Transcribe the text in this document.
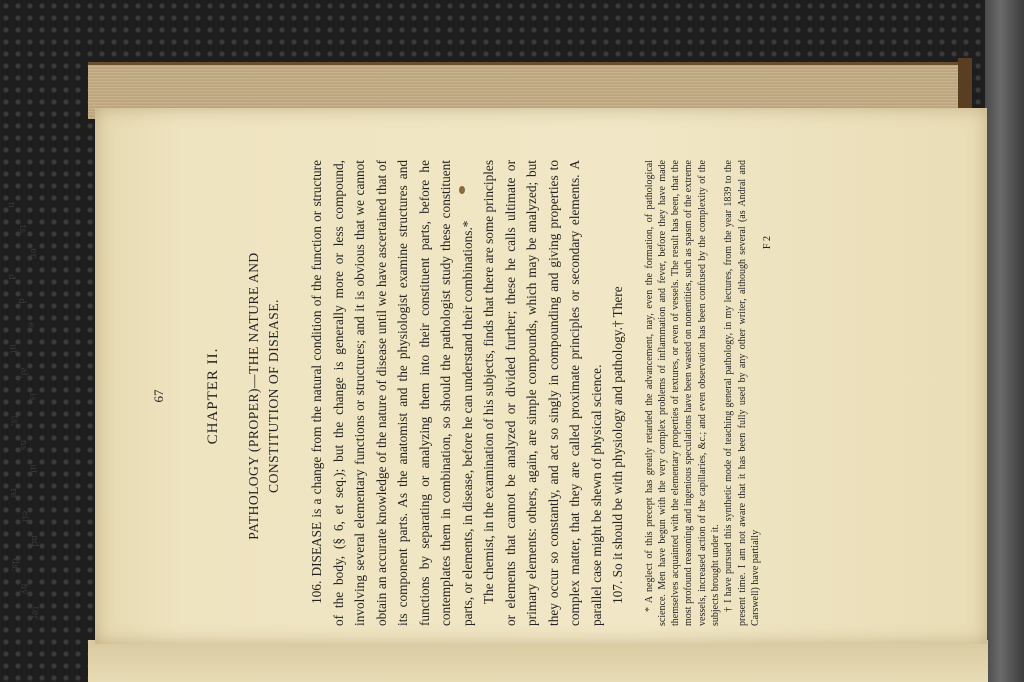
67	CHAPTER II. PATHOLOGY (PROPER)—THE NATURE AND CONSTITUTION OF DISEASE. 106. DISEASE is a change from the natural condition of the function or structure of the body, (§ 6, et seq.); but the change is generally more or less compound, involving several elementary functions or structures; and it is obvious that we cannot obtain an accurate knowledge of the nature of disease until we have ascertained that of its component parts. As the anatomist and the physiologist examine structures and functions by separating or analyzing them into their constituent parts, before he contemplates them in combination, so should the pathologist study these constituent parts, or elements, in disease, before he can understand their combinations.* The chemist, in the examination of his subjects, finds that there are some principles or elements that cannot be analyzed or divided further; these he calls ultimate or primary elements: others, again, are simple compounds, which may be analyzed; but they occur so constantly, and act so singly in compounding and giving properties to complex matter, that they are called proximate principles or secondary elements. A parallel case might be shewn of physical science. 107. So it should be with physiology and pathology.† There	* A neglect of this precept has greatly retarded the advancement, nay, even the formation, of pathological science. Men have begun with the very complex problems of inflammation and fever, before they have made themselves acquainted with the elementary properties of textures, or even of vessels. The result has been, that the most profound reasoning and ingenious speculations have been wasted on nonentities, such as spasm of the extreme vessels, increased action of the capillaries, &c.; and even observation has been confused by the complexity of the subjects brought under it. † I have pursued this synthetic mode of teaching general pathology, in my lectures, from the year 1839 to the present time. I am not aware that it has been fully used by any other writer, although several (as Andral and Carswell) have partially

F 2
n
ts
er
d
d
e
ut
al,
is
ts,
ns
ut
re
eir
nd
ds,
hy
ter
